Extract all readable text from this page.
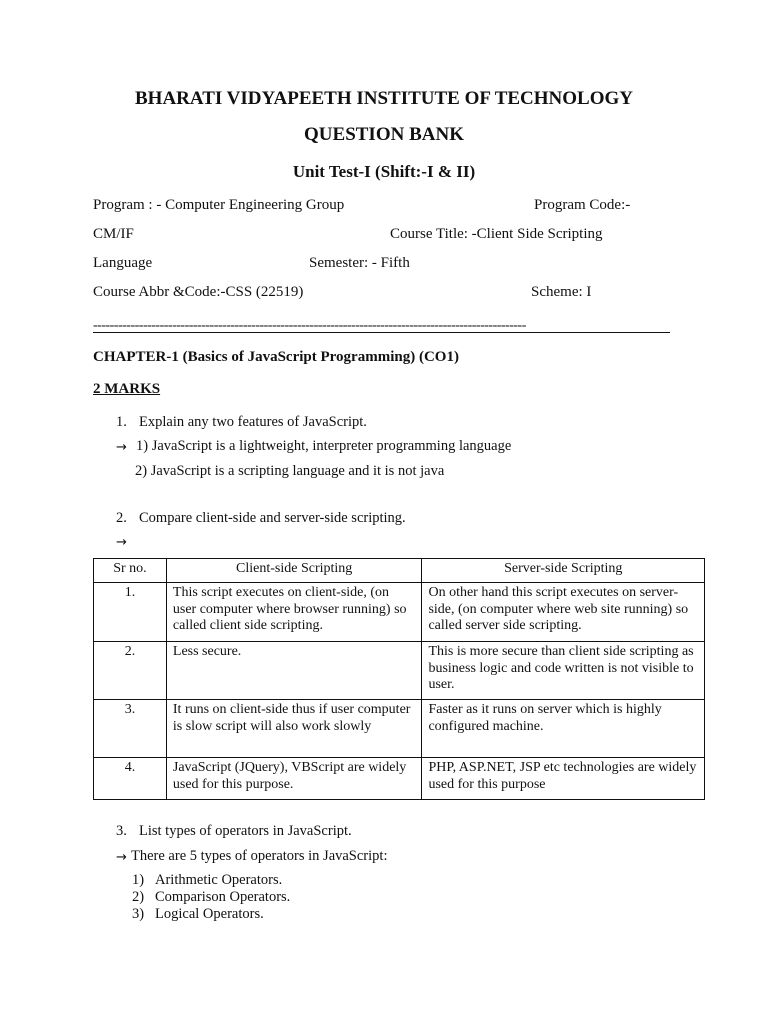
BHARATI VIDYAPEETH INSTITUTE OF TECHNOLOGY
QUESTION BANK
Unit Test-I (Shift:-I & II)
Program : - Computer Engineering Group	Program Code:-
CM/IF	Course Title: -Client Side Scripting
Language	Semester: - Fifth
Course Abbr &Code:-CSS (22519)	Scheme: I
--------------------------------------------------------------------------------------------------------
CHAPTER-1 (Basics of JavaScript Programming) (CO1)
2 MARKS
1. Explain any two features of JavaScript.
→ 1) JavaScript is a lightweight, interpreter programming language
2) JavaScript is a scripting language and it is not java
2. Compare client-side and server-side scripting.
→
Sr no.	Client-side Scripting	Server-side Scripting
1.	This script executes on client-side, (on user computer where browser running) so called client side scripting.	On other hand this script executes on server-side, (on computer where web site running) so called server side scripting.
2.	Less secure.	This is more secure than client side scripting as business logic and code written is not visible to user.
3.	It runs on client-side thus if user computer is slow script will also work slowly	Faster as it runs on server which is highly configured machine.
4.	JavaScript (JQuery), VBScript are widely used for this purpose.	PHP, ASP.NET, JSP etc technologies are widely used for this purpose
3. List types of operators in JavaScript.
→ There are 5 types of operators in JavaScript:
1) Arithmetic Operators.
2) Comparison Operators.
3) Logical Operators.
